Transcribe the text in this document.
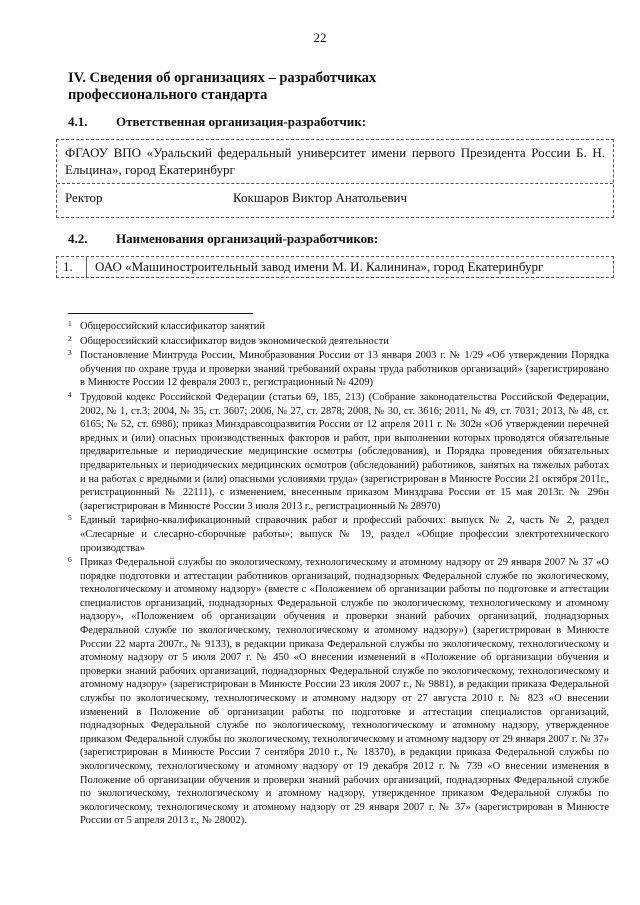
22
IV. Сведения об организациях – разработчиках профессионального стандарта
4.1. Ответственная организация-разработчик:
ФГАОУ ВПО «Уральский федеральный университет имени первого Президента России Б. Н. Ельцина», город Екатеринбург
Ректор	Кокшаров Виктор Анатольевич
4.2. Наименования организаций-разработчиков:
1.	ОАО «Машиностроительный завод имени М. И. Калинина», город Екатеринбург
1 Общероссийский классификатор занятий
2 Общероссийский классификатор видов экономической деятельности
3 Постановление Минтруда России, Минобразования России от 13 января 2003 г. № 1/29 «Об утверждении Порядка обучения по охране труда и проверки знаний требований охраны труда работников организаций» (зарегистрировано в Минюсте России 12 февраля 2003 г., регистрационный № 4209)
4 Трудовой кодекс Российской Федерации (статьи 69, 185, 213) (Собрание законодательства Российской Федерации, 2002, № 1, ст.3; 2004, № 35, ст. 3607; 2006, № 27, ст. 2878; 2008, № 30, ст. 3616; 2011, № 49, ст. 7031; 2013, № 48, ст. 6165; № 52, ст. 6986); приказ Минздравсоцразвития России от 12 апреля 2011 г. № 302н «Об утверждении перечней вредных и (или) опасных производственных факторов и работ, при выполнении которых проводятся обязательные предварительные и периодические медицинские осмотры (обследования), и Порядка проведения обязательных предварительных и периодических медицинских осмотров (обследований) работников, занятых на тяжелых работах и на работах с вредными и (или) опасными условиями труда» (зарегистрирован в Минюсте России 21 октября 2011г., регистрационный № 22111), с изменением, внесенным приказом Минздрава России от 15 мая 2013г. № 296н (зарегистрирован в Минюсте России 3 июля 2013 г., регистрационный № 28970)
5 Единый тарифно-квалификационный справочник работ и профессий рабочих: выпуск № 2, часть № 2, раздел «Слесарные и слесарно-сборочные работы»; выпуск № 19, раздел «Общие профессии электротехнического производства»
6 Приказ Федеральной службы по экологическому, технологическому и атомному надзору от 29 января 2007 № 37 «О порядке подготовки и аттестации работников организаций, поднадзорных Федеральной службе по экологическому, технологическому и атомному надзору» (вместе с «Положением об организации работы по подготовке и аттестации специалистов организаций, поднадзорных Федеральной службе по экологическому, технологическому и атомному надзору», «Положением об организации обучения и проверки знаний рабочих организаций, поднадзорных Федеральной службе по экологическому, технологическому и атомному надзору») (зарегистрирован в Минюсте России 22 марта 2007г., № 9133), в редакции приказа Федеральной службы по экологическому, технологическому и атомному надзору от 5 июля 2007 г. № 450 «О внесении изменений в «Положение об организации обучения и проверки знаний рабочих организаций, поднадзорных Федеральной службе по экологическому, технологическому и атомному надзору» (зарегистрирован в Минюсте России 23 июля 2007 г., № 9881), в редакции приказа Федеральной службы по экологическому, технологическому и атомному надзору от 27 августа 2010 г. № 823 «О внесении изменений в Положение об организации работы по подготовке и аттестации специалистов организаций, поднадзорных Федеральной службе по экологическому, технологическому и атомному надзору, утвержденное приказом Федеральной службы по экологическому, технологическому и атомному надзору от 29 января 2007 г. № 37» (зарегистрирован в Минюсте России 7 сентября 2010 г., № 18370), в редакции приказа Федеральной службы по экологическому, технологическому и атомному надзору от 19 декабря 2012 г. № 739 «О внесении изменения в Положение об организации обучения и проверки знаний рабочих организаций, поднадзорных Федеральной службе по экологическому, технологическому и атомному надзору, утвержденное приказом Федеральной службы по экологическому, технологическому и атомному надзору от 29 января 2007 г. № 37» (зарегистрирован в Минюсте России от 5 апреля 2013 г., № 28002).
